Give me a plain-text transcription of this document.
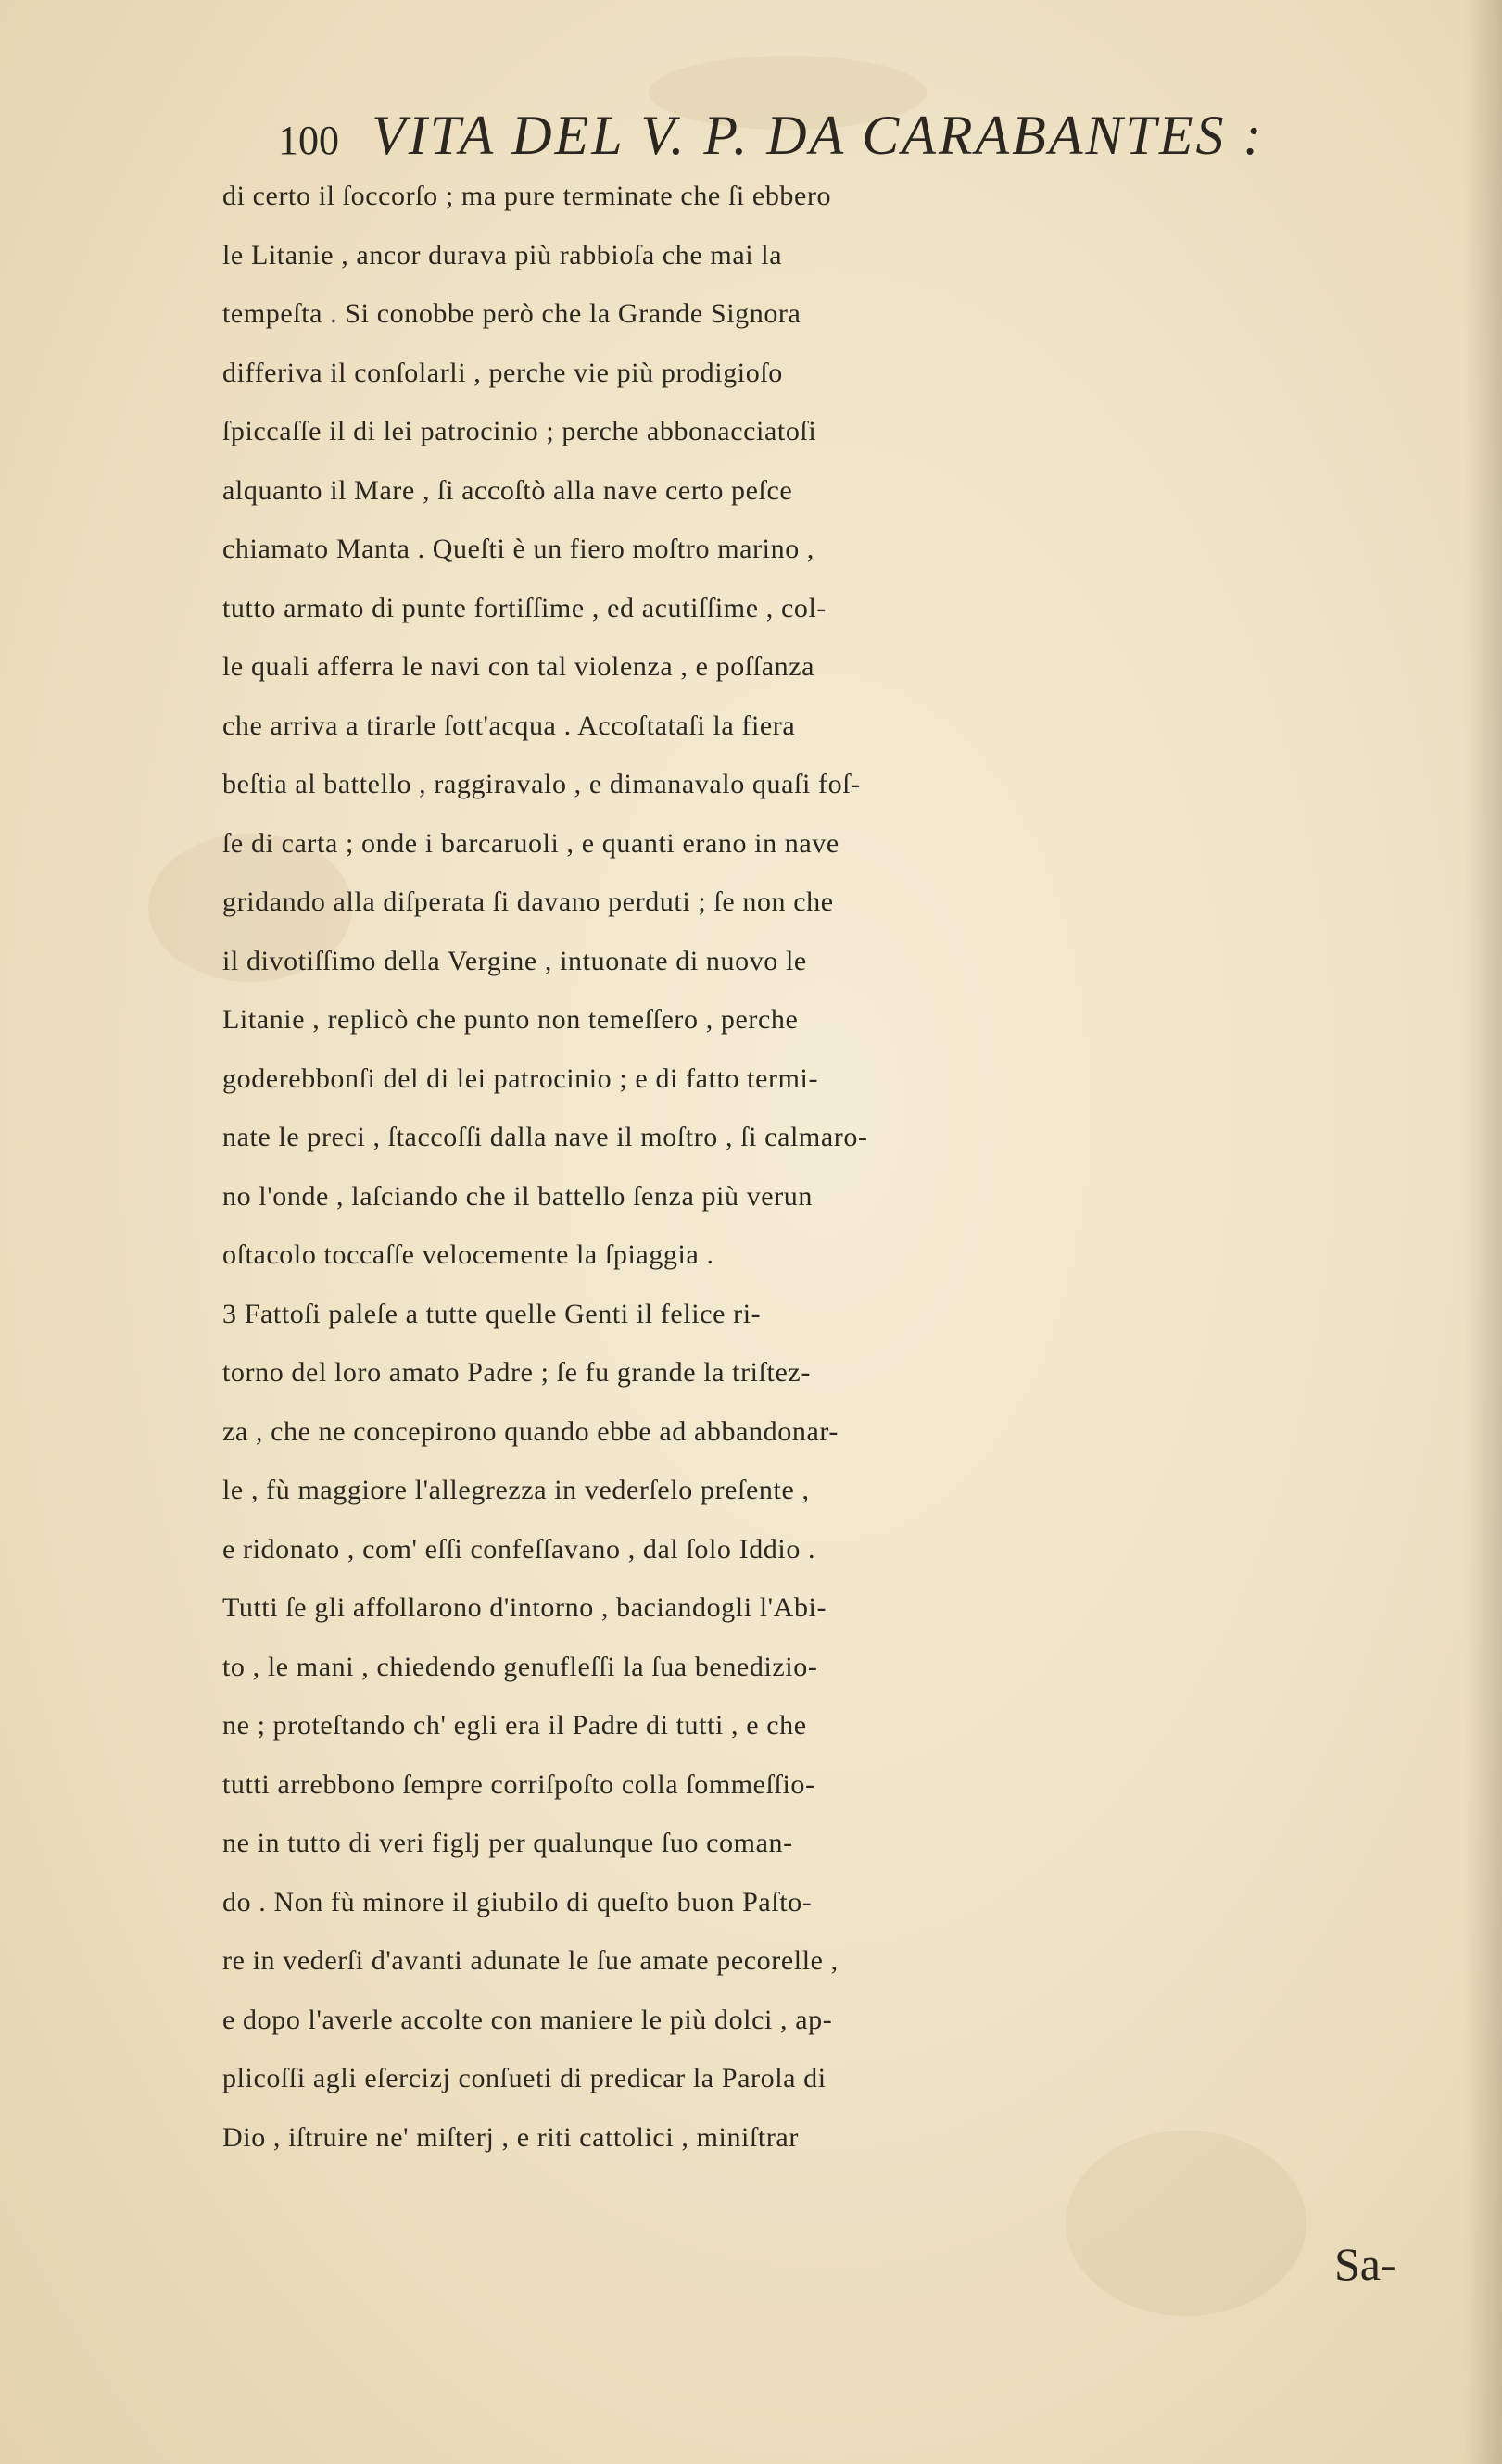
100 VITA DEL V. P. DA CARABANTES :
di certo il ſoccorſo ; ma pure terminate che ſi ebbero
le Litanie , ancor durava più rabbioſa che mai la
tempeſta . Si conobbe però che la Grande Signora
differiva il conſolarli , perche vie più prodigioſo
ſpiccaſſe il di lei patrocinio ; perche abbonacciatoſi
alquanto il Mare , ſi accoſtò alla nave certo peſce
chiamato Manta . Queſti è un fiero moſtro marino ,
tutto armato di punte fortiſſime , ed acutiſſime , col-
le quali afferra le navi con tal violenza , e poſſanza
che arriva a tirarle ſott'acqua . Accoſtataſi la fiera
beſtia al battello , raggiravalo , e dimanavalo quaſi foſ-
ſe di carta ; onde i barcaruoli , e quanti erano in nave
gridando alla diſperata ſi davano perduti ; ſe non che
il divotiſſimo della Vergine , intuonate di nuovo le
Litanie , replicò che punto non temeſſero , perche
goderebbonſi del di lei patrocinio ; e di fatto termi-
nate le preci , ſtaccoſſi dalla nave il moſtro , ſi calmaro-
no l'onde , laſciando che il battello ſenza più verun
oſtacolo toccaſſe velocemente la ſpiaggia .
3 Fattoſi paleſe a tutte quelle Genti il felice ri-
torno del loro amato Padre ; ſe fu grande la triſtez-
za , che ne concepirono quando ebbe ad abbandonar-
le , fù maggiore l'allegrezza in vederſelo preſente ,
e ridonato , com' eſſi confeſſavano , dal ſolo Iddio .
Tutti ſe gli affollarono d'intorno , baciandogli l'Abi-
to , le mani , chiedendo genufleſſi la ſua benedizio-
ne ; proteſtando ch' egli era il Padre di tutti , e che
tutti arrebbono ſempre corriſpoſto colla ſommeſſio-
ne in tutto di veri figlj per qualunque ſuo coman-
do . Non fù minore il giubilo di queſto buon Paſto-
re in vederſi d'avanti adunate le ſue amate pecorelle ,
e dopo l'averle accolte con maniere le più dolci , ap-
plicoſſi agli eſercizj conſueti di predicar la Parola di
Dio , iſtruire ne' miſterj , e riti cattolici , miniſtrar
Sa-
